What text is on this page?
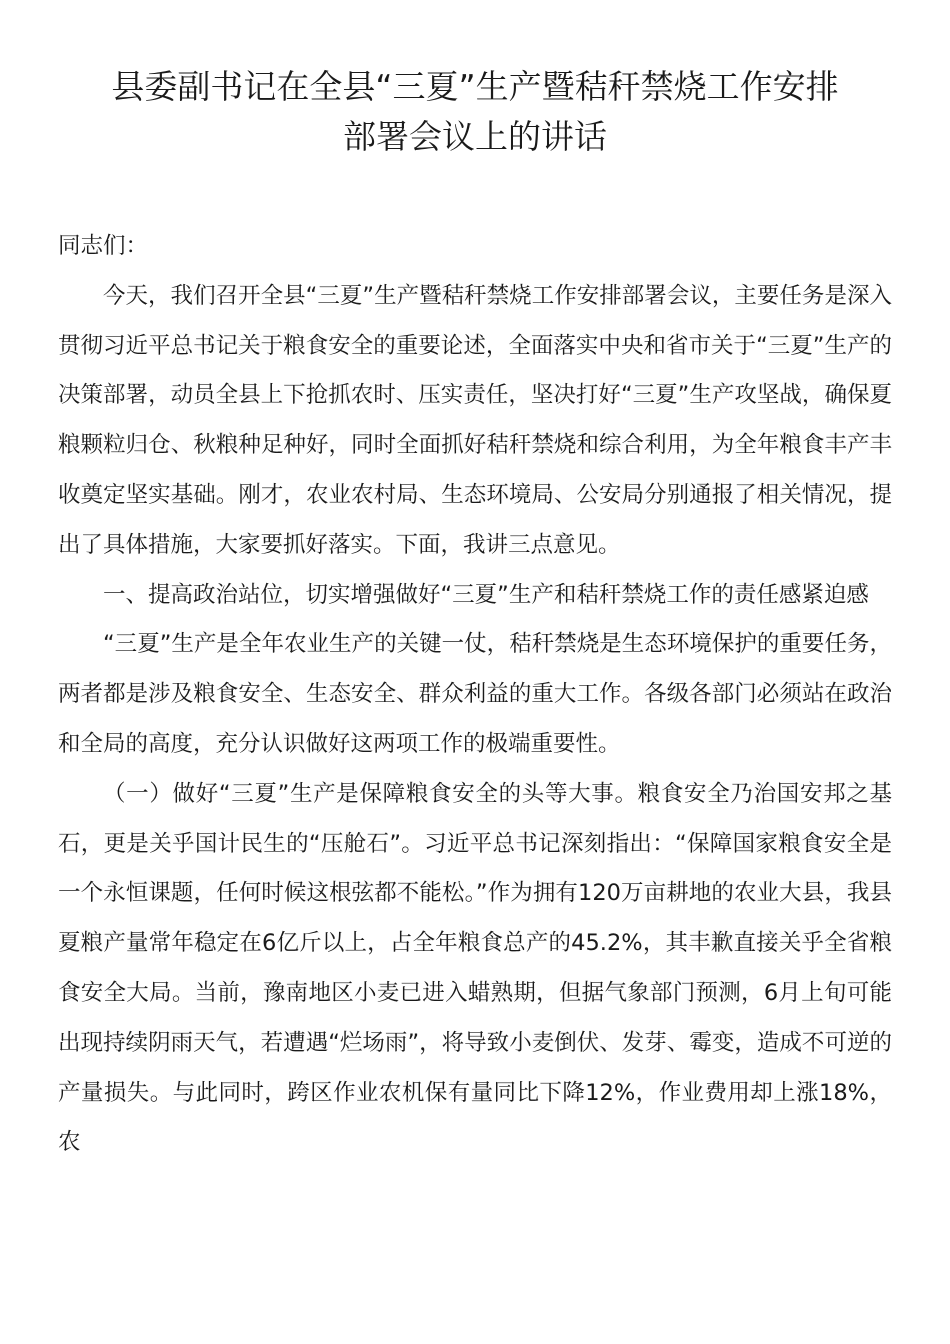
县委副书记在全县“三夏”生产暨秸秆禁烧工作安排
部署会议上的讲话

同志们：

今天，我们召开全县“三夏”生产暨秸秆禁烧工作安排部署会议，主要任务是深入贯彻习近平总书记关于粮食安全的重要论述，全面落实中央和省市关于“三夏”生产的决策部署，动员全县上下抢抓农时、压实责任，坚决打好“三夏”生产攻坚战，确保夏粮颗粒归仓、秋粮种足种好，同时全面抓好秸秆禁烧和综合利用，为全年粮食丰产丰收奠定坚实基础。刚才，农业农村局、生态环境局、公安局分别通报了相关情况，提出了具体措施，大家要抓好落实。下面，我讲三点意见。

一、提高政治站位，切实增强做好“三夏”生产和秸秆禁烧工作的责任感紧迫感

“三夏”生产是全年农业生产的关键一仗，秸秆禁烧是生态环境保护的重要任务，两者都是涉及粮食安全、生态安全、群众利益的重大工作。各级各部门必须站在政治和全局的高度，充分认识做好这两项工作的极端重要性。

（一）做好“三夏”生产是保障粮食安全的头等大事。粮食安全乃治国安邦之基石，更是关乎国计民生的“压舱石”。习近平总书记深刻指出：“保障国家粮食安全是一个永恒课题，任何时候这根弦都不能松。”作为拥有120万亩耕地的农业大县，我县夏粮产量常年稳定在6亿斤以上，占全年粮食总产的45.2%，其丰歉直接关乎全省粮食安全大局。当前，豫南地区小麦已进入蜡熟期，但据气象部门预测，6月上旬可能出现持续阴雨天气，若遭遇“烂场雨”，将导致小麦倒伏、发芽、霉变，造成不可逆的产量损失。与此同时，跨区作业农机保有量同比下降12%，作业费用却上涨18%，农
